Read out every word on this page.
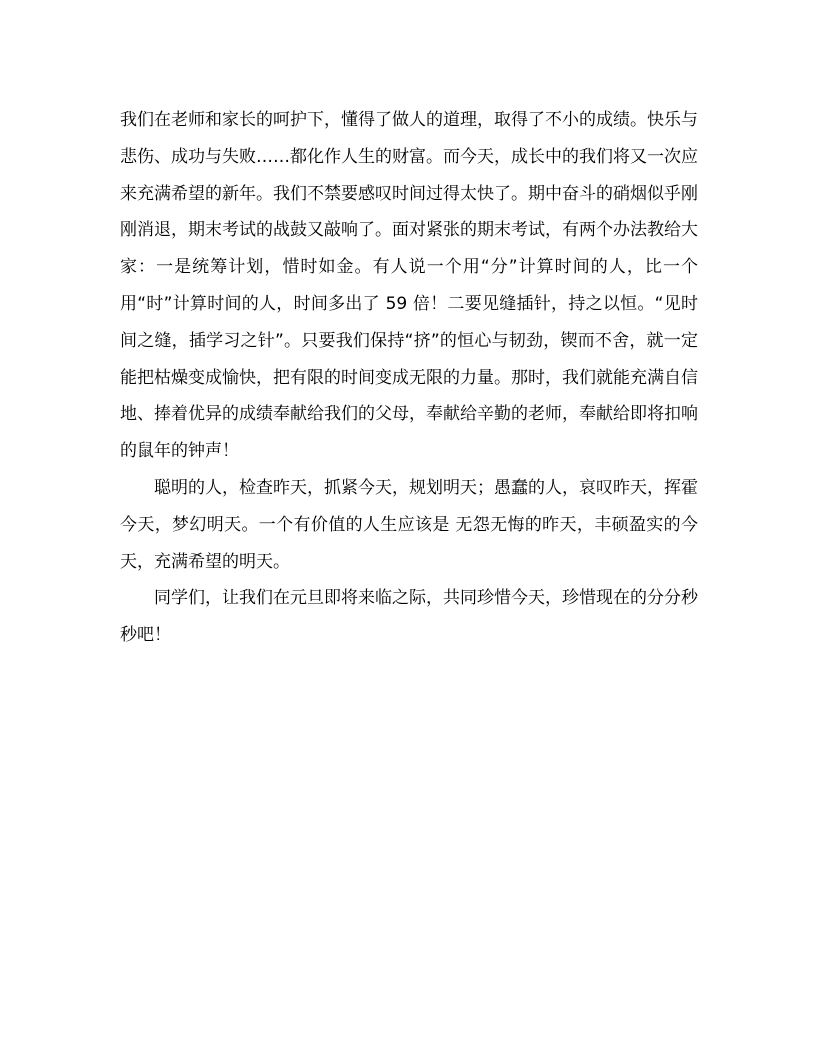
我们在老师和家长的呵护下，懂得了做人的道理，取得了不小的成绩。快乐与悲伤、成功与失败……都化作人生的财富。而今天，成长中的我们将又一次应来充满希望的新年。我们不禁要感叹时间过得太快了。期中奋斗的硝烟似乎刚刚消退，期末考试的战鼓又敲响了。面对紧张的期末考试，有两个办法教给大家：一是统筹计划，惜时如金。有人说一个用“分”计算时间的人，比一个用“时”计算时间的人，时间多出了 59 倍！二要见缝插针，持之以恒。“见时间之缝，插学习之针”。只要我们保持“挤”的恒心与韧劲，锲而不舍，就一定能把枯燥变成愉快，把有限的时间变成无限的力量。那时，我们就能充满自信地、捧着优异的成绩奉献给我们的父母，奉献给辛勤的老师，奉献给即将扣响的鼠年的钟声！

聪明的人，检查昨天，抓紧今天，规划明天；愚蠢的人，哀叹昨天，挥霍今天，梦幻明天。一个有价值的人生应该是 无怨无悔的昨天，丰硕盈实的今天，充满希望的明天。

同学们，让我们在元旦即将来临之际，共同珍惜今天，珍惜现在的分分秒秒吧！
